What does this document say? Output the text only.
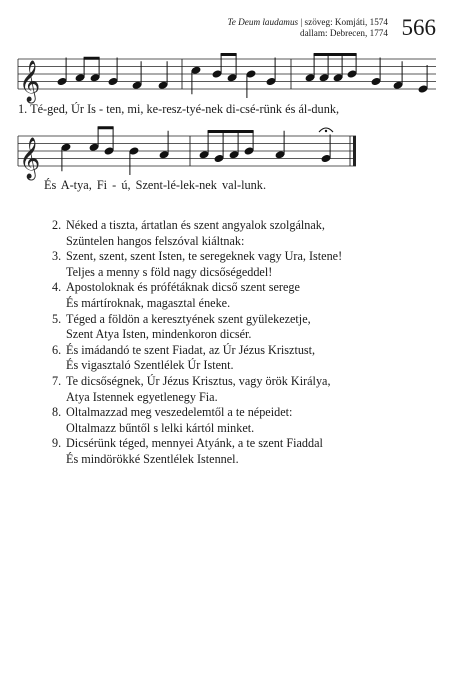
Te Deum laudamus | szöveg: Komjáti, 1574
dallam: Debrecen, 1774 566
𝄞
1. Té-ged, Úr Is - ten, mi, ke-resz-tyé-nek di-csé-rünk és ál-dunk,
𝄞
És A-tya, Fi - ú, Szent-lé-lek-nek val-lunk.
2. Néked a tiszta, ártatlan és szent angyalok szolgálnak,
Szüntelen hangos felszóval kiáltnak:
3. Szent, szent, szent Isten, te seregeknek vagy Ura, Istene!
Teljes a menny s föld nagy dicsőségeddel!
4. Apostoloknak és prófétáknak dicső szent serege
És mártíroknak, magasztal éneke.
5. Téged a földön a keresztyének szent gyülekezetje,
Szent Atya Isten, mindenkoron dicsér.
6. És imádandó te szent Fiadat, az Úr Jézus Krisztust,
És vigasztaló Szentlélek Úr Istent.
7. Te dicsőségnek, Úr Jézus Krisztus, vagy örök Királya,
Atya Istennek egyetlenegy Fia.
8. Oltalmazzad meg veszedelemtől a te népeidet:
Oltalmazz bűntől s lelki kártól minket.
9. Dicsérünk téged, mennyei Atyánk, a te szent Fiaddal
És mindörökké Szentlélek Istennel.
